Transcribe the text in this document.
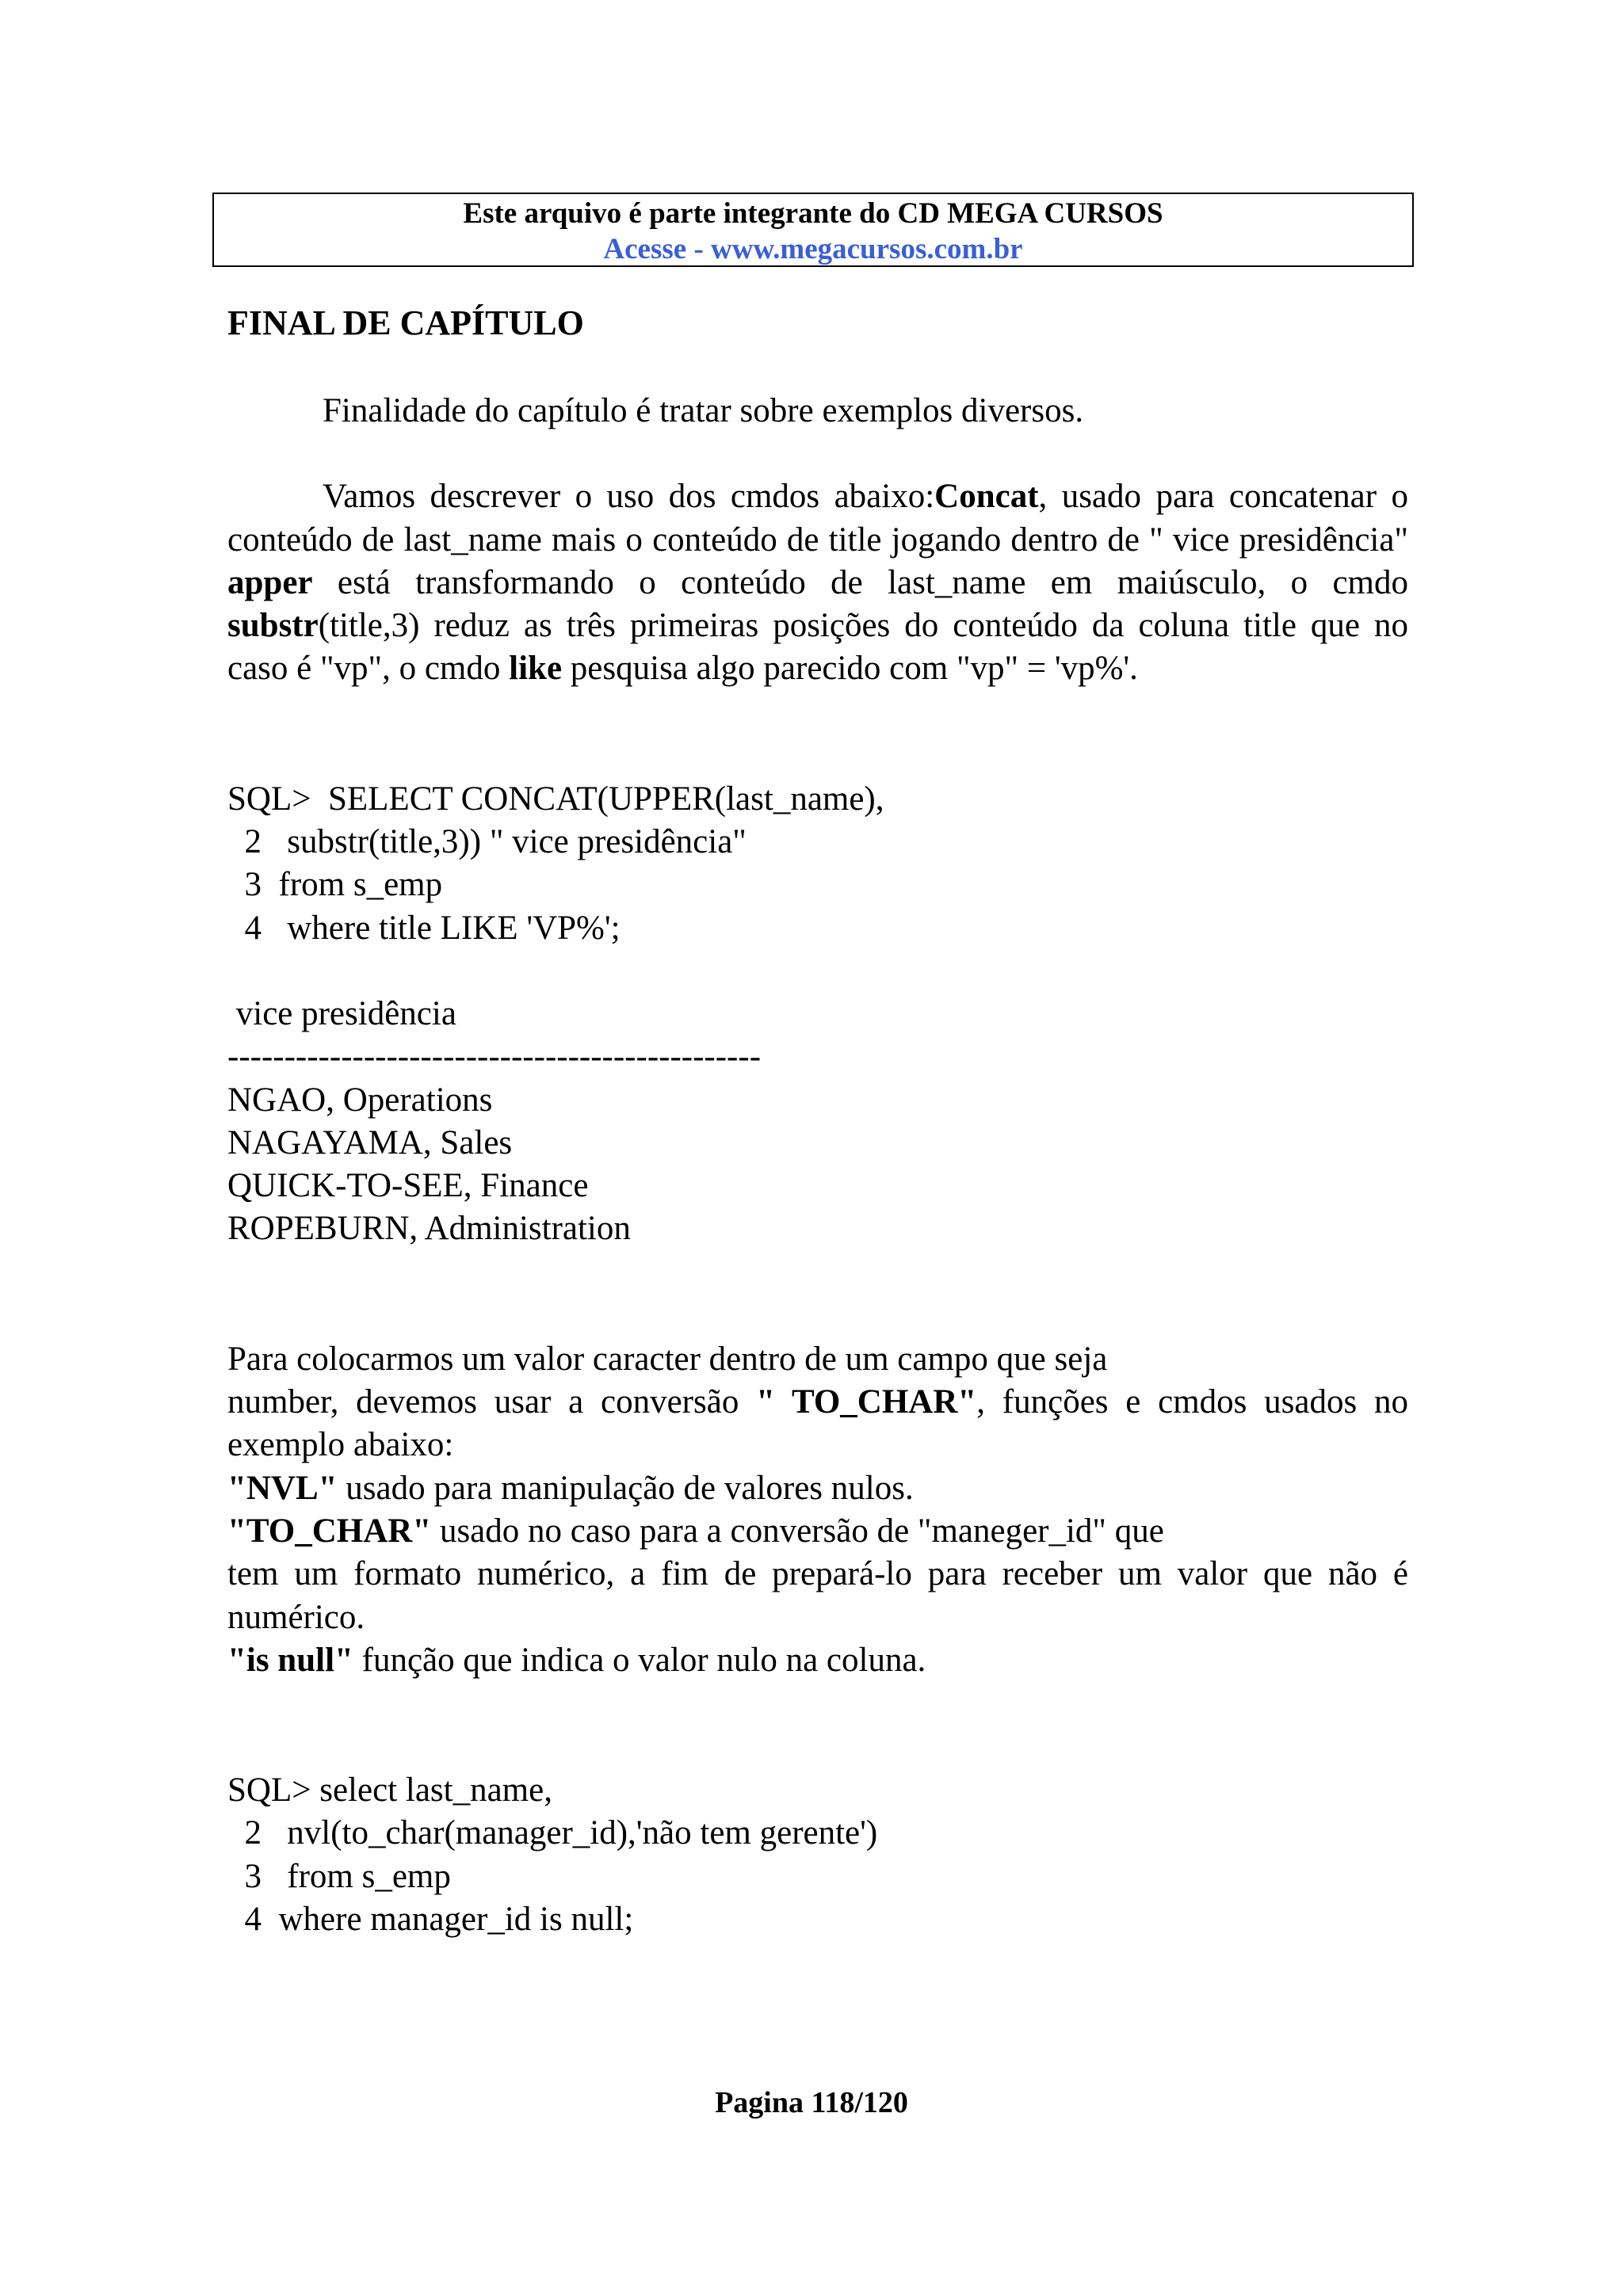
Este arquivo é parte integrante do CD MEGA CURSOS
Acesse - www.megacursos.com.br
FINAL DE CAPÍTULO

Finalidade do capítulo é tratar sobre exemplos diversos.

Vamos descrever o uso dos cmdos abaixo:Concat, usado para concatenar o conteúdo de last_name mais o conteúdo de title jogando dentro de " vice presidência" apper está transformando o conteúdo de last_name em maiúsculo, o cmdo substr(title,3) reduz as três primeiras posições do conteúdo da coluna title que no caso é "vp", o cmdo like pesquisa algo parecido com "vp" = 'vp%'.

SQL>  SELECT CONCAT(UPPER(last_name),
2   substr(title,3)) " vice presidência"
3  from s_emp
4   where title LIKE 'VP%';
vice presidência
-----------------------------------------------
NGAO, Operations
NAGAYAMA, Sales
QUICK-TO-SEE, Finance
ROPEBURN, Administration

Para colocarmos um valor caracter dentro de um campo que seja

number, devemos usar a conversão " TO_CHAR", funções e cmdos usados no exemplo abaixo:

"NVL" usado para manipulação de valores nulos.

"TO_CHAR" usado no caso para a conversão de "maneger_id" que

tem um formato numérico, a fim de prepará-lo para receber um valor que não é numérico.

"is null" função que indica o valor nulo na coluna.

SQL> select last_name,
2   nvl(to_char(manager_id),'não tem gerente')
3   from s_emp
4  where manager_id is null;
Pagina 118/120
